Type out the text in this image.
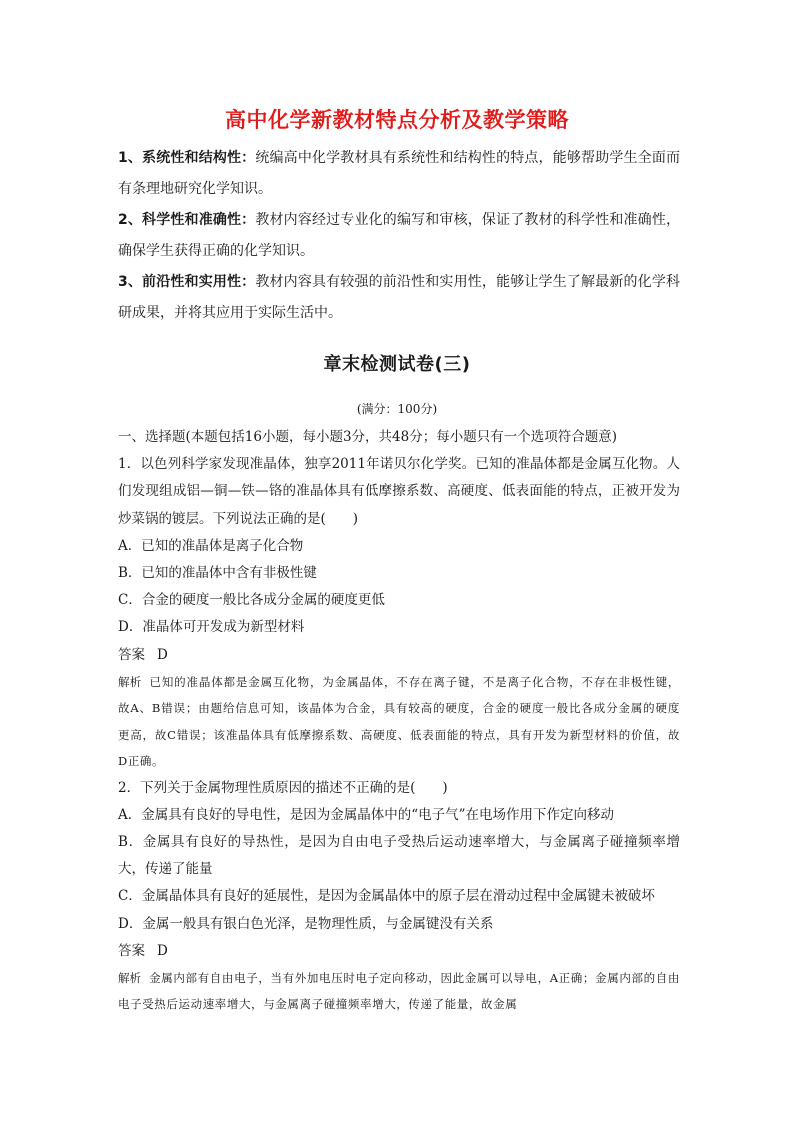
高中化学新教材特点分析及教学策略

1、系统性和结构性：统编高中化学教材具有系统性和结构性的特点，能够帮助学生全面而有条理地研究化学知识。

2、科学性和准确性：教材内容经过专业化的编写和审核，保证了教材的科学性和准确性，确保学生获得正确的化学知识。

3、前沿性和实用性：教材内容具有较强的前沿性和实用性，能够让学生了解最新的化学科研成果，并将其应用于实际生活中。

章末检测试卷(三)
(满分：100分)

一、选择题(本题包括16小题，每小题3分，共48分；每小题只有一个选项符合题意)

1．以色列科学家发现准晶体，独享2011年诺贝尔化学奖。已知的准晶体都是金属互化物。人们发现组成铝—铜—铁—铬的准晶体具有低摩擦系数、高硬度、低表面能的特点，正被开发为炒菜锅的镀层。下列说法正确的是(　　)

A．已知的准晶体是离子化合物

B．已知的准晶体中含有非极性键

C．合金的硬度一般比各成分金属的硬度更低

D．准晶体可开发成为新型材料

答案 D

解析 已知的准晶体都是金属互化物，为金属晶体，不存在离子键，不是离子化合物，不存在非极性键，故A、B错误；由题给信息可知，该晶体为合金，具有较高的硬度，合金的硬度一般比各成分金属的硬度更高，故C错误；该准晶体具有低摩擦系数、高硬度、低表面能的特点，具有开发为新型材料的价值，故D正确。

2．下列关于金属物理性质原因的描述不正确的是(　　)

A．金属具有良好的导电性，是因为金属晶体中的“电子气”在电场作用下作定向移动

B．金属具有良好的导热性，是因为自由电子受热后运动速率增大，与金属离子碰撞频率增大，传递了能量

C．金属晶体具有良好的延展性，是因为金属晶体中的原子层在滑动过程中金属键未被破坏

D．金属一般具有银白色光泽，是物理性质，与金属键没有关系

答案 D

解析 金属内部有自由电子，当有外加电压时电子定向移动，因此金属可以导电，A正确；金属内部的自由电子受热后运动速率增大，与金属离子碰撞频率增大，传递了能量，故金属
